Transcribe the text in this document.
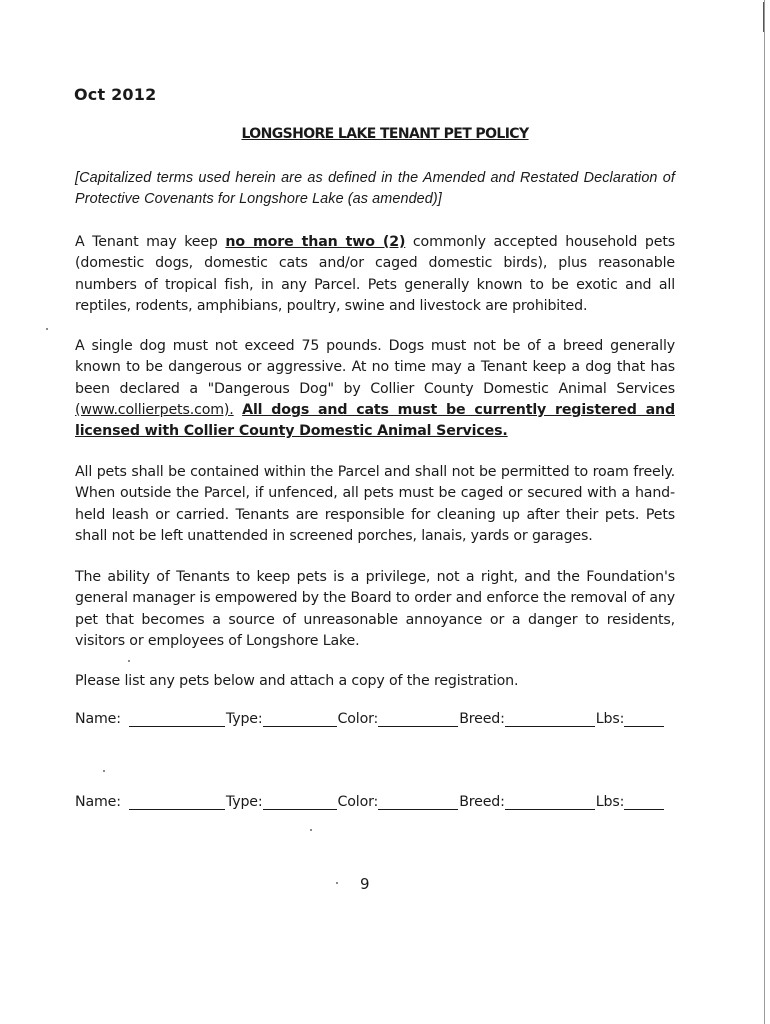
Oct 2012
LONGSHORE LAKE TENANT PET POLICY
[Capitalized terms used herein are as defined in the Amended and Restated Declaration of Protective Covenants for Longshore Lake (as amended)]
A Tenant may keep no more than two (2) commonly accepted household pets (domestic dogs, domestic cats and/or caged domestic birds), plus reasonable numbers of tropical fish, in any Parcel. Pets generally known to be exotic and all reptiles, rodents, amphibians, poultry, swine and livestock are prohibited.
A single dog must not exceed 75 pounds. Dogs must not be of a breed generally known to be dangerous or aggressive. At no time may a Tenant keep a dog that has been declared a "Dangerous Dog" by Collier County Domestic Animal Services
(www.collierpets.com). All dogs and cats must be currently registered and licensed with Collier County Domestic Animal Services.
All pets shall be contained within the Parcel and shall not be permitted to roam freely. When outside the Parcel, if unfenced, all pets must be caged or secured with a hand-held leash or carried. Tenants are responsible for cleaning up after their pets. Pets shall not be left unattended in screened porches, lanais, yards or garages.
The ability of Tenants to keep pets is a privilege, not a right, and the Foundation's general manager is empowered by the Board to order and enforce the removal of any pet that becomes a source of unreasonable annoyance or a danger to residents, visitors or employees of Longshore Lake.
Please list any pets below and attach a copy of the registration.
Name:	Type:	Color:	Breed:	Lbs:
Name:	Type:	Color:	Breed:	Lbs:
9
